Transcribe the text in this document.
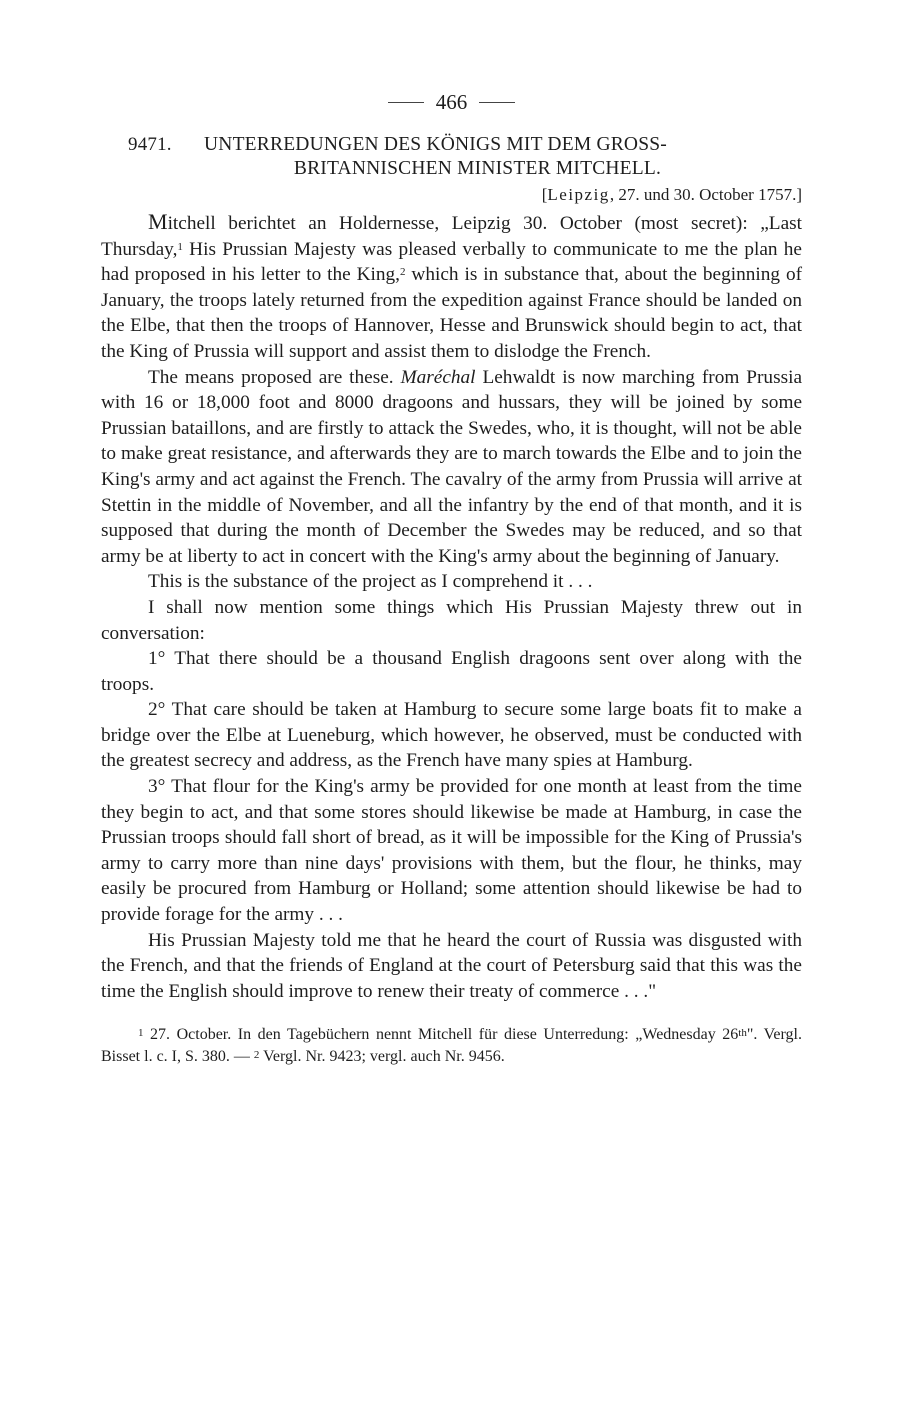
466
9471. UNTERREDUNGEN DES KÖNIGS MIT DEM GROSS-
BRITANNISCHEN MINISTER MITCHELL.
[Leipzig, 27. und 30. October 1757.]

Mitchell berichtet an Holdernesse, Leipzig 30. October (most secret): „Last Thursday,$^1$ His Prussian Majesty was pleased verbally to communicate to me the plan he had proposed in his letter to the King,$^2$ which is in substance that, about the beginning of January, the troops lately returned from the expedition against France should be landed on the Elbe, that then the troops of Hannover, Hesse and Brunswick should begin to act, that the King of Prussia will support and assist them to dislodge the French.

The means proposed are these. Maréchal Lehwaldt is now marching from Prussia with 16 or 18,000 foot and 8000 dragoons and hussars, they will be joined by some Prussian bataillons, and are firstly to attack the Swedes, who, it is thought, will not be able to make great resistance, and afterwards they are to march towards the Elbe and to join the King's army and act against the French. The cavalry of the army from Prussia will arrive at Stettin in the middle of November, and all the infantry by the end of that month, and it is supposed that during the month of December the Swedes may be reduced, and so that army be at liberty to act in concert with the King's army about the beginning of January.

This is the substance of the project as I comprehend it . . .

I shall now mention some things which His Prussian Majesty threw out in conversation:

1° That there should be a thousand English dragoons sent over along with the troops.

2° That care should be taken at Hamburg to secure some large boats fit to make a bridge over the Elbe at Lueneburg, which however, he observed, must be conducted with the greatest secrecy and address, as the French have many spies at Hamburg.

3° That flour for the King's army be provided for one month at least from the time they begin to act, and that some stores should likewise be made at Hamburg, in case the Prussian troops should fall short of bread, as it will be impossible for the King of Prussia's army to carry more than nine days' provisions with them, but the flour, he thinks, may easily be procured from Hamburg or Holland; some attention should likewise be had to provide forage for the army . . .

His Prussian Majesty told me that he heard the court of Russia was disgusted with the French, and that the friends of England at the court of Petersburg said that this was the time the English should improve to renew their treaty of commerce . . ."

$^1$ 27. October. In den Tagebüchern nennt Mitchell für diese Unterredung: „Wednesday 26th". Vergl. Bisset l. c. I, S. 380. — $^2$ Vergl. Nr. 9423; vergl. auch Nr. 9456.
